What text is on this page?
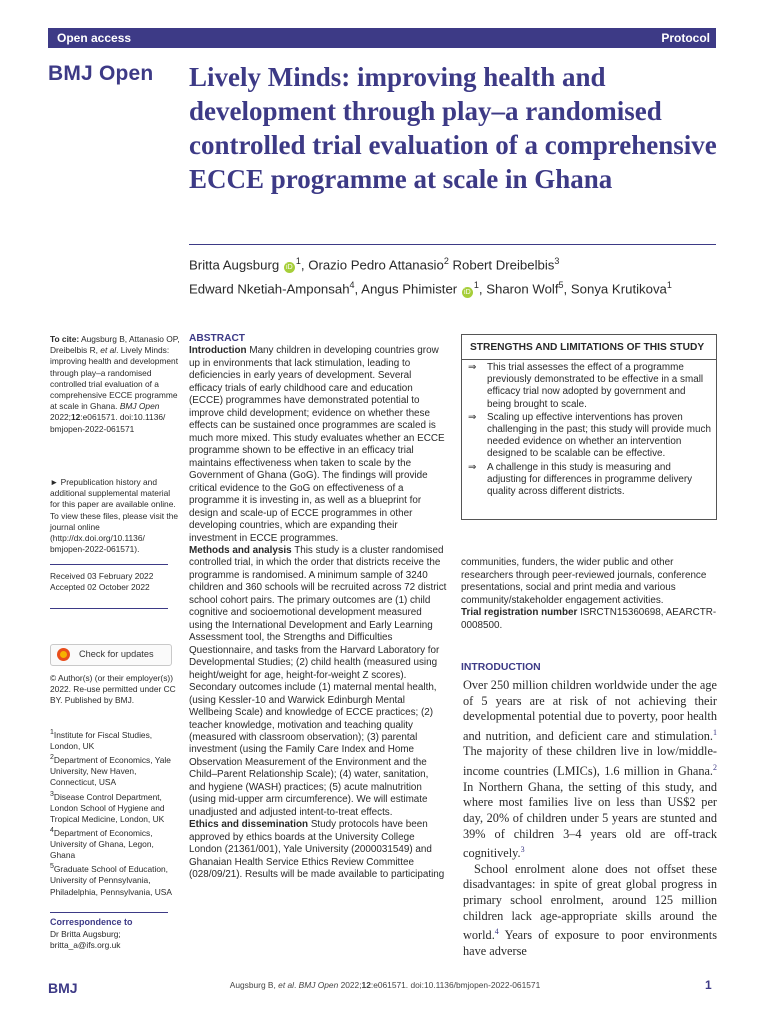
Open access	Protocol
BMJ Open Lively Minds: improving health and development through play–a randomised controlled trial evaluation of a comprehensive ECCE programme at scale in Ghana
Britta Augsburg $iD^1$, Orazio Pedro Attanasio$^2$ Robert Dreibelbis$^3$
Edward Nketiah-Amponsah$^4$, Angus Phimister $iD^1$, Sharon Wolf$^5$, Sonya Krutikova$^1$
To cite: Augsburg B, Attanasio OP, Dreibelbis R, et al. Lively Minds: improving health and development through play–a randomised controlled trial evaluation of a comprehensive ECCE programme at scale in Ghana. BMJ Open 2022;12:e061571. doi:10.1136/ bmjopen-2022-061571
► Prepublication history and additional supplemental material for this paper are available online. To view these files, please visit the journal online (http://dx.doi.org/10.1136/ bmjopen-2022-061571).
Received 03 February 2022
Accepted 02 October 2022
Check for updates
© Author(s) (or their employer(s)) 2022. Re-use permitted under CC BY. Published by BMJ.
$^1$Institute for Fiscal Studies, London, UK
$^2$Department of Economics, Yale University, New Haven, Connecticut, USA
$^3$Disease Control Department, London School of Hygiene and Tropical Medicine, London, UK
$^4$Department of Economics, University of Ghana, Legon, Ghana
$^5$Graduate School of Education, University of Pennsylvania, Philadelphia, Pennsylvania, USA
Correspondence to
Dr Britta Augsburg;
britta_a@ifs.org.uk
ABSTRACT
Introduction Many children in developing countries grow up in environments that lack stimulation, leading to deficiencies in early years of development. Several efficacy trials of early childhood care and education (ECCE) programmes have demonstrated potential to improve child development; evidence on whether these effects can be sustained once programmes are scaled is much more mixed. This study evaluates whether an ECCE programme shown to be effective in an efficacy trial maintains effectiveness when taken to scale by the Government of Ghana (GoG). The findings will provide critical evidence to the GoG on effectiveness of a programme it is investing in, as well as a blueprint for design and scale-up of ECCE programmes in other developing countries, which are expanding their investment in ECCE programmes.
Methods and analysis This study is a cluster randomised controlled trial, in which the order that districts receive the programme is randomised. A minimum sample of 3240 children and 360 schools will be recruited across 72 district school cohort pairs. The primary outcomes are (1) child cognitive and socioemotional development measured using the International Development and Early Learning Assessment tool, the Strengths and Difficulties Questionnaire, and tasks from the Harvard Laboratory for Developmental Studies; (2) child health (measured using height/weight for age, height-for-weight Z scores). Secondary outcomes include (1) maternal mental health, (using Kessler-10 and Warwick Edinburgh Mental Wellbeing Scale) and knowledge of ECCE practices; (2) teacher knowledge, motivation and teaching quality (measured with classroom observation); (3) parental investment (using the Family Care Index and Home Observation Measurement of the Environment and the Child–Parent Relationship Scale); (4) water, sanitation, and hygiene (WASH) practices; (5) acute malnutrition (using mid-upper arm circumference). We will estimate unadjusted and adjusted intent-to-treat effects.
Ethics and dissemination Study protocols have been approved by ethics boards at the University College London (21361/001), Yale University (2000031549) and Ghanaian Health Service Ethics Review Committee (028/09/21). Results will be made available to participating
STRENGTHS AND LIMITATIONS OF THIS STUDY
⇒ This trial assesses the effect of a programme previously demonstrated to be effective in a small efficacy trial now adopted by government and being brought to scale.
⇒ Scaling up effective interventions has proven challenging in the past; this study will provide much needed evidence on whether an intervention designed to be scalable can be effective.
⇒ A challenge in this study is measuring and adjusting for differences in programme delivery quality across different districts.
communities, funders, the wider public and other researchers through peer-reviewed journals, conference presentations, social and print media and various community/stakeholder engagement activities.
Trial registration number ISRCTN15360698, AEARCTR-0008500.
INTRODUCTION

Over 250 million children worldwide under the age of 5 years are at risk of not achieving their developmental potential due to poverty, poor health and nutrition, and deficient care and stimulation.$^1$ The majority of these children live in low/middle-income countries (LMICs), 1.6 million in Ghana.$^2$ In Northern Ghana, the setting of this study, and where most families live on less than US$2 per day, 20% of children under 5 years are stunted and 39% of children 3–4 years old are off-track cognitively.$^3$

School enrolment alone does not offset these disadvantages: in spite of great global progress in primary school enrolment, around 125 million children lack age-appropriate skills around the world.$^4$ Years of exposure to poor environments have adverse

BMJ	Augsburg B, et al. BMJ Open 2022;12:e061571. doi:10.1136/bmjopen-2022-061571	1
